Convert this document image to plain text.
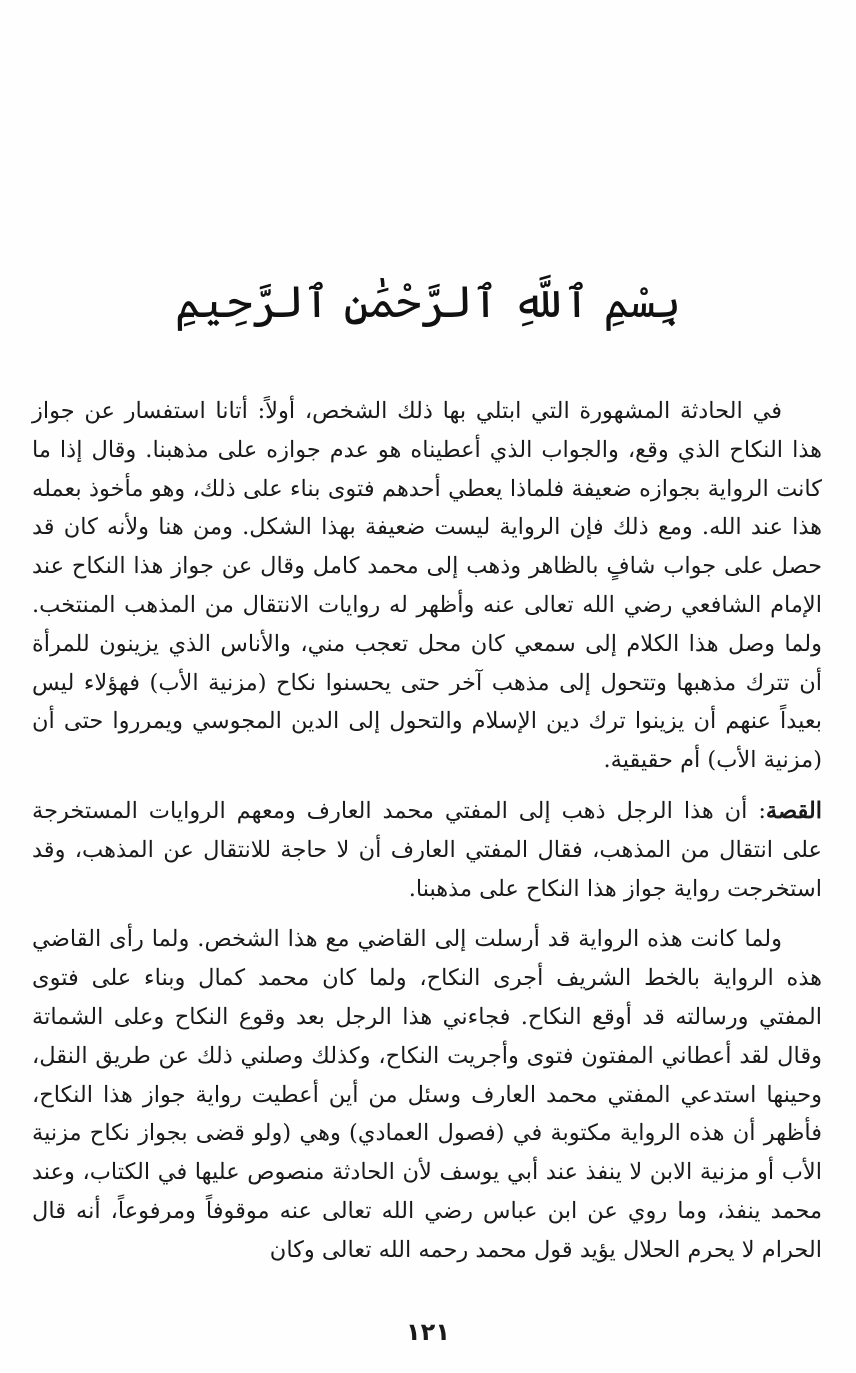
بِسْمِ ٱللَّهِ ٱلرَّحْمَٰنِ ٱلرَّحِيمِ

في الحادثة المشهورة التي ابتلي بها ذلك الشخص، أولاً: أتانا استفسار عن جواز هذا النكاح الذي وقع، والجواب الذي أعطيناه هو عدم جوازه على مذهبنا. وقال إذا ما كانت الرواية بجوازه ضعيفة فلماذا يعطي أحدهم فتوى بناء على ذلك، وهو مأخوذ بعمله هذا عند الله. ومع ذلك فإن الرواية ليست ضعيفة بهذا الشكل. ومن هنا ولأنه كان قد حصل على جواب شافٍ بالظاهر وذهب إلى محمد كامل وقال عن جواز هذا النكاح عند الإمام الشافعي رضي الله تعالى عنه وأظهر له روايات الانتقال من المذهب المنتخب. ولما وصل هذا الكلام إلى سمعي كان محل تعجب مني، والأناس الذي يزينون للمرأة أن تترك مذهبها وتتحول إلى مذهب آخر حتى يحسنوا نكاح (مزنية الأب) فهؤلاء ليس بعيداً عنهم أن يزينوا ترك دين الإسلام والتحول إلى الدين المجوسي ويمرروا حتى أن (مزنية الأب) أم حقيقية.

القصة: أن هذا الرجل ذهب إلى المفتي محمد العارف ومعهم الروايات المستخرجة على انتقال من المذهب، فقال المفتي العارف أن لا حاجة للانتقال عن المذهب، وقد استخرجت رواية جواز هذا النكاح على مذهبنا.

ولما كانت هذه الرواية قد أرسلت إلى القاضي مع هذا الشخص. ولما رأى القاضي هذه الرواية بالخط الشريف أجرى النكاح، ولما كان محمد كمال وبناء على فتوى المفتي ورسالته قد أوقع النكاح. فجاءني هذا الرجل بعد وقوع النكاح وعلى الشماتة وقال لقد أعطاني المفتون فتوى وأجريت النكاح، وكذلك وصلني ذلك عن طريق النقل، وحينها استدعي المفتي محمد العارف وسئل من أين أعطيت رواية جواز هذا النكاح، فأظهر أن هذه الرواية مكتوبة في (فصول العمادي) وهي (ولو قضى بجواز نكاح مزنية الأب أو مزنية الابن لا ينفذ عند أبي يوسف لأن الحادثة منصوص عليها في الكتاب، وعند محمد ينفذ، وما روي عن ابن عباس رضي الله تعالى عنه موقوفاً ومرفوعاً، أنه قال الحرام لا يحرم الحلال يؤيد قول محمد رحمه الله تعالى وكان

١٢١
